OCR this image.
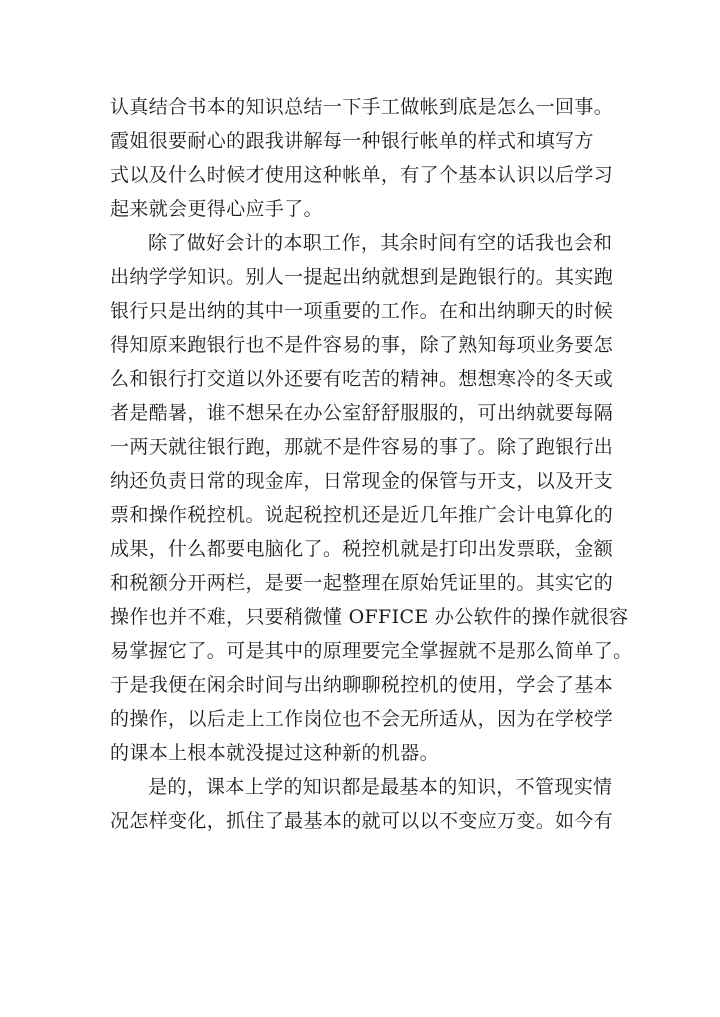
认真结合书本的知识总结一下手工做帐到底是怎么一回事。
霞姐很要耐心的跟我讲解每一种银行帐单的样式和填写方
式以及什么时候才使用这种帐单，有了个基本认识以后学习
起来就会更得心应手了。
除了做好会计的本职工作，其余时间有空的话我也会和
出纳学学知识。别人一提起出纳就想到是跑银行的。其实跑
银行只是出纳的其中一项重要的工作。在和出纳聊天的时候
得知原来跑银行也不是件容易的事，除了熟知每项业务要怎
么和银行打交道以外还要有吃苦的精神。想想寒冷的冬天或
者是酷暑，谁不想呆在办公室舒舒服服的，可出纳就要每隔
一两天就往银行跑，那就不是件容易的事了。除了跑银行出
纳还负责日常的现金库，日常现金的保管与开支，以及开支
票和操作税控机。说起税控机还是近几年推广会计电算化的
成果，什么都要电脑化了。税控机就是打印出发票联，金额
和税额分开两栏，是要一起整理在原始凭证里的。其实它的
操作也并不难，只要稍微懂 OFFICE 办公软件的操作就很容
易掌握它了。可是其中的原理要完全掌握就不是那么简单了。
于是我便在闲余时间与出纳聊聊税控机的使用，学会了基本
的操作，以后走上工作岗位也不会无所适从，因为在学校学
的课本上根本就没提过这种新的机器。
是的，课本上学的知识都是最基本的知识，不管现实情
况怎样变化，抓住了最基本的就可以以不变应万变。如今有
